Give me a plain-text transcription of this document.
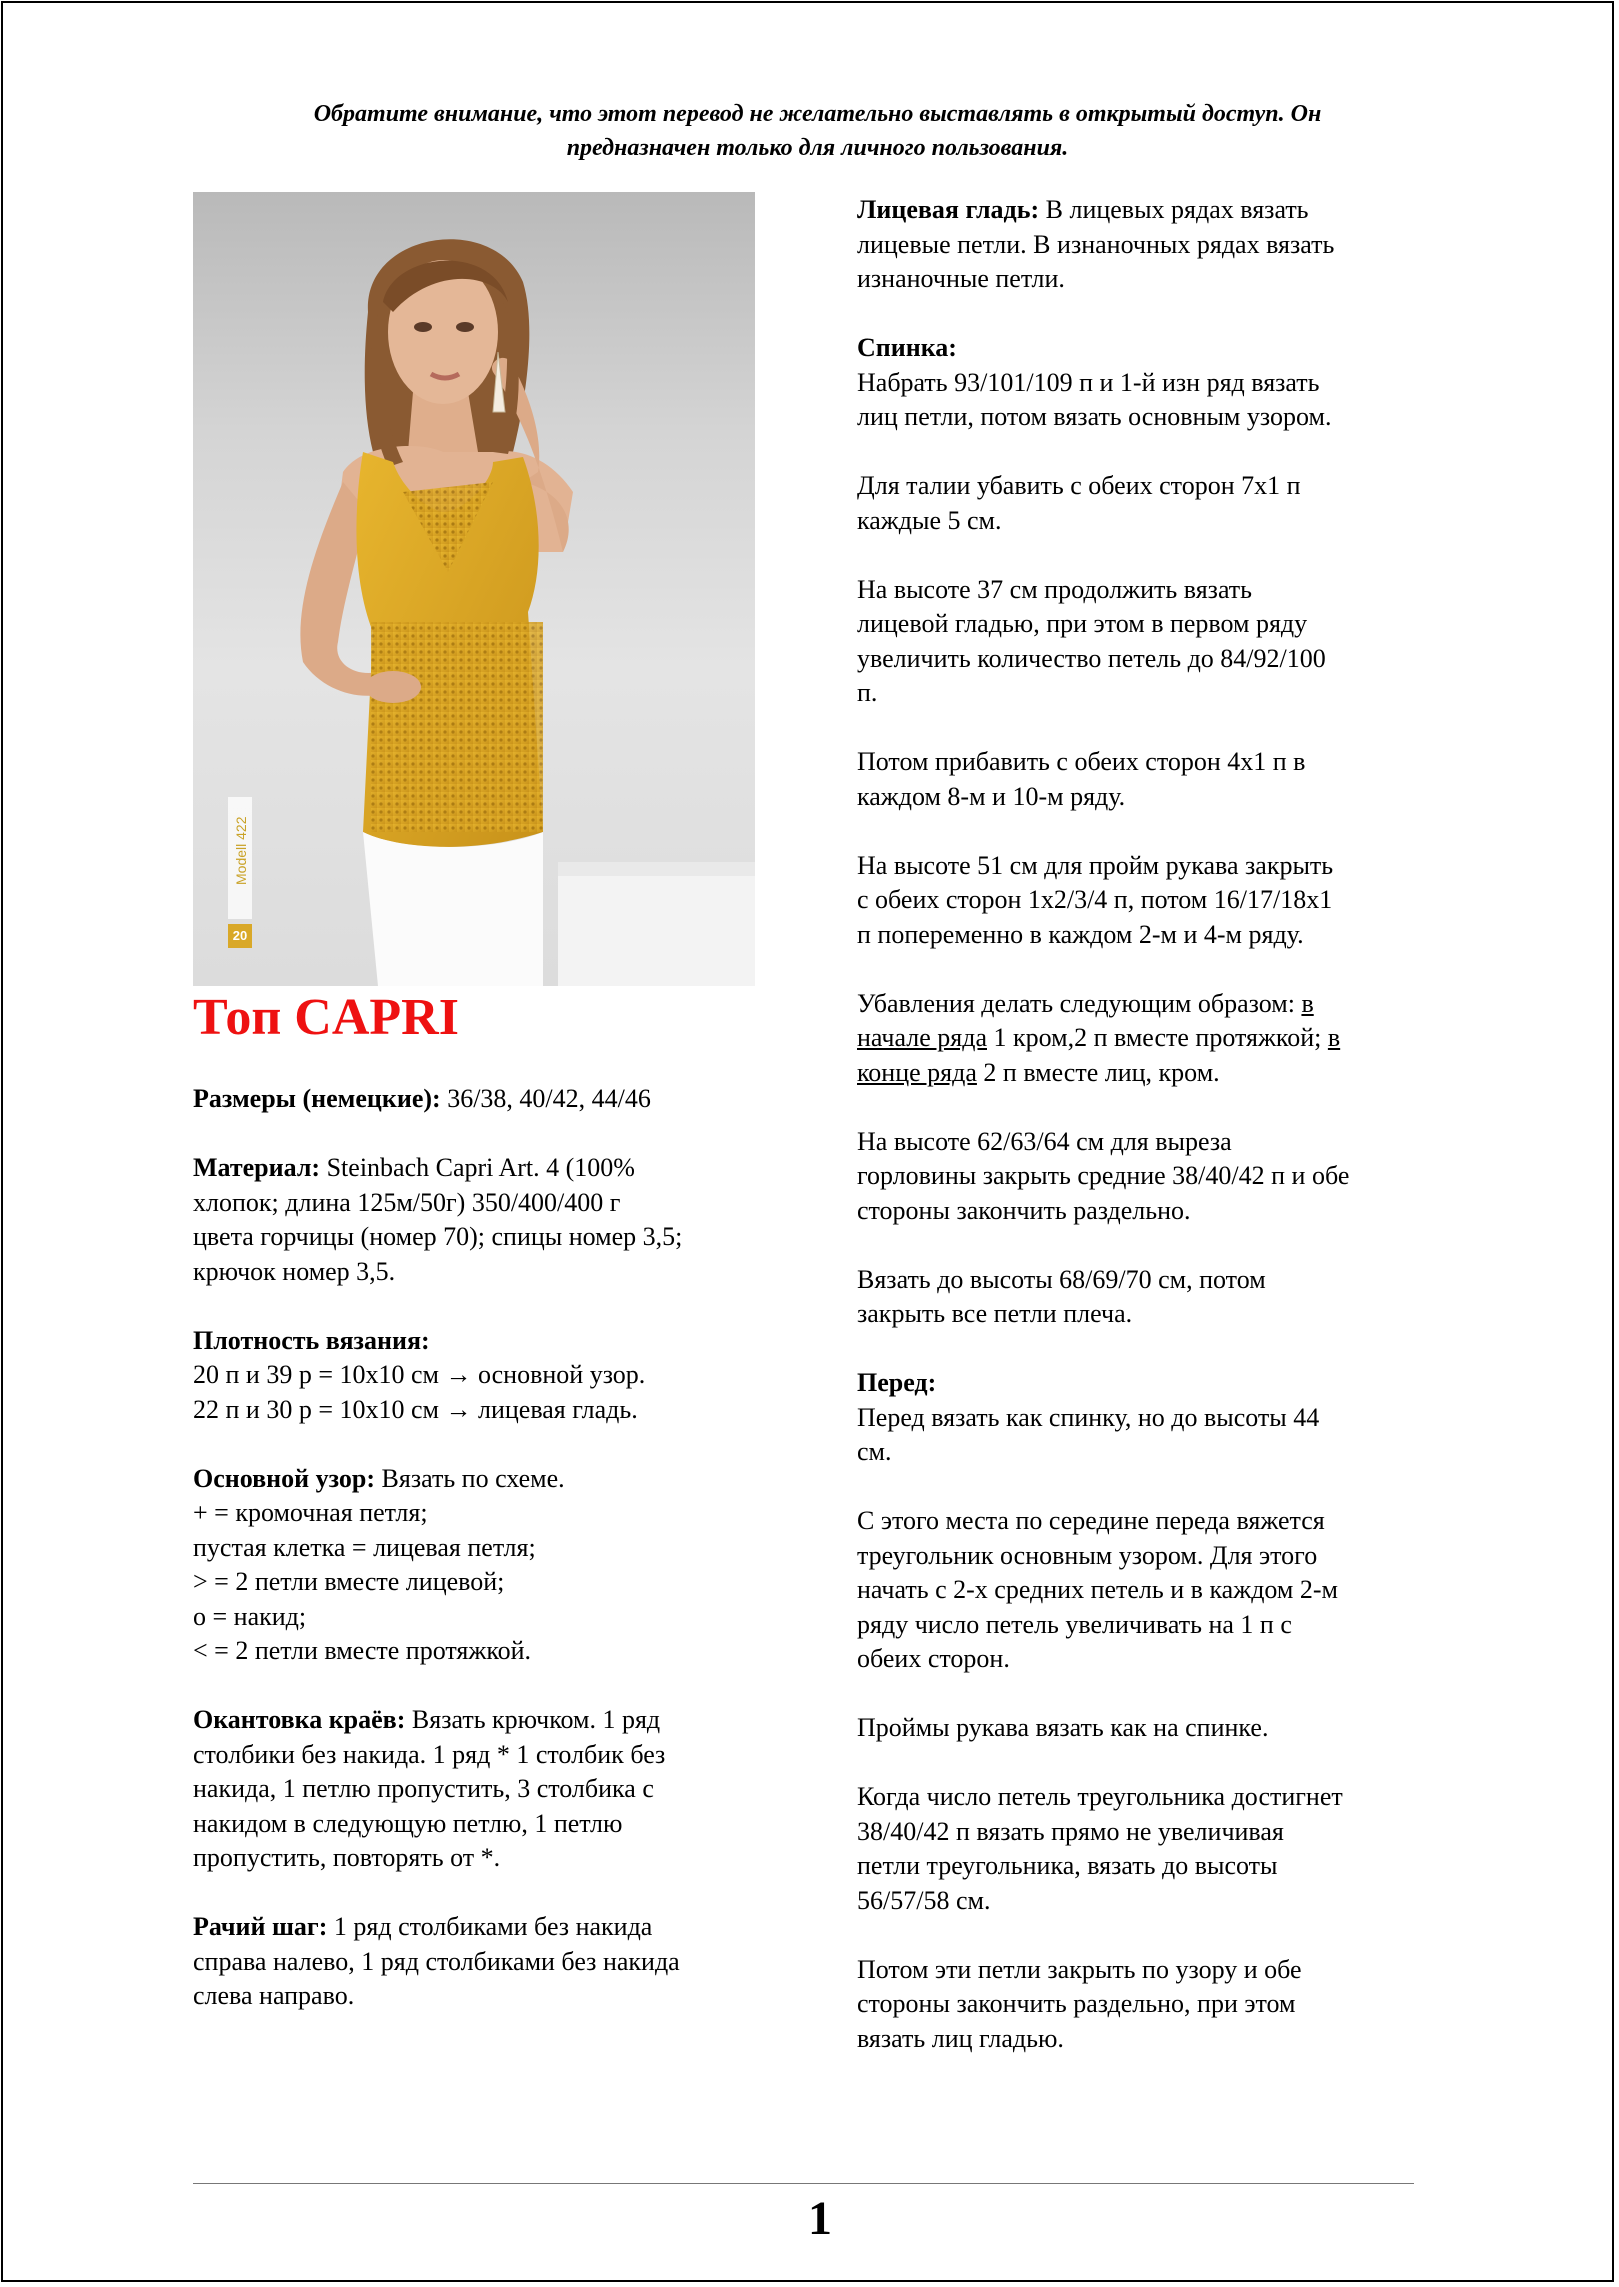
Обратите внимание, что этот перевод не желательно выставлять в открытый доступ. Он
предназначен только для личного пользования.
Modell 422
20
Топ CAPRI
Размеры (немецкие): 36/38, 40/42, 44/46
Материал: Steinbach Capri Art. 4 (100%
хлопок; длина 125м/50г) 350/400/400 г
цвета горчицы (номер 70); спицы номер 3,5;
крючок номер 3,5.
Плотность вязания:
20 п и 39 р = 10х10 см → основной узор.
22 п и 30 р = 10х10 см → лицевая гладь.
Основной узор: Вязать по схеме.
+ = кромочная петля;
пустая клетка = лицевая петля;
> = 2 петли вместе лицевой;
о = накид;
< = 2 петли вместе протяжкой.
Окантовка краёв: Вязать крючком. 1 ряд
столбики без накида. 1 ряд * 1 столбик без
накида, 1 петлю пропустить, 3 столбика с
накидом в следующую петлю, 1 петлю
пропустить, повторять от *.
Рачий шаг: 1 ряд столбиками без накида
справа налево, 1 ряд столбиками без накида
слева направо.
Лицевая гладь: В лицевых рядах вязать
лицевые петли. В изнаночных рядах вязать
изнаночные петли.
Спинка:
Набрать 93/101/109 п и 1-й изн ряд вязать
лиц петли, потом вязать основным узором.
Для талии убавить с обеих сторон 7х1 п
каждые 5 см.
На высоте 37 см продолжить вязать
лицевой гладью, при этом в первом ряду
увеличить количество петель до 84/92/100
п.
Потом прибавить с обеих сторон 4х1 п в
каждом 8-м и 10-м ряду.
На высоте 51 см для пройм рукава закрыть
с обеих сторон 1х2/3/4 п, потом 16/17/18х1
п попеременно в каждом 2-м и 4-м ряду.
Убавления делать следующим образом: в
начале ряда 1 кром,2 п вместе протяжкой; в
конце ряда 2 п вместе лиц, кром.
На высоте 62/63/64 см для выреза
горловины закрыть средние 38/40/42 п и обе
стороны закончить раздельно.
Вязать до высоты 68/69/70 см, потом
закрыть все петли плеча.
Перед:
Перед вязать как спинку, но до высоты 44
см.
С этого места по середине переда вяжется
треугольник основным узором. Для этого
начать с 2-х средних петель и в каждом 2-м
ряду число петель увеличивать на 1 п с
обеих сторон.
Проймы рукава вязать как на спинке.
Когда число петель треугольника достигнет
38/40/42 п вязать прямо не увеличивая
петли треугольника, вязать до высоты
56/57/58 см.
Потом эти петли закрыть по узору и обе
стороны закончить раздельно, при этом
вязать лиц гладью.
1
